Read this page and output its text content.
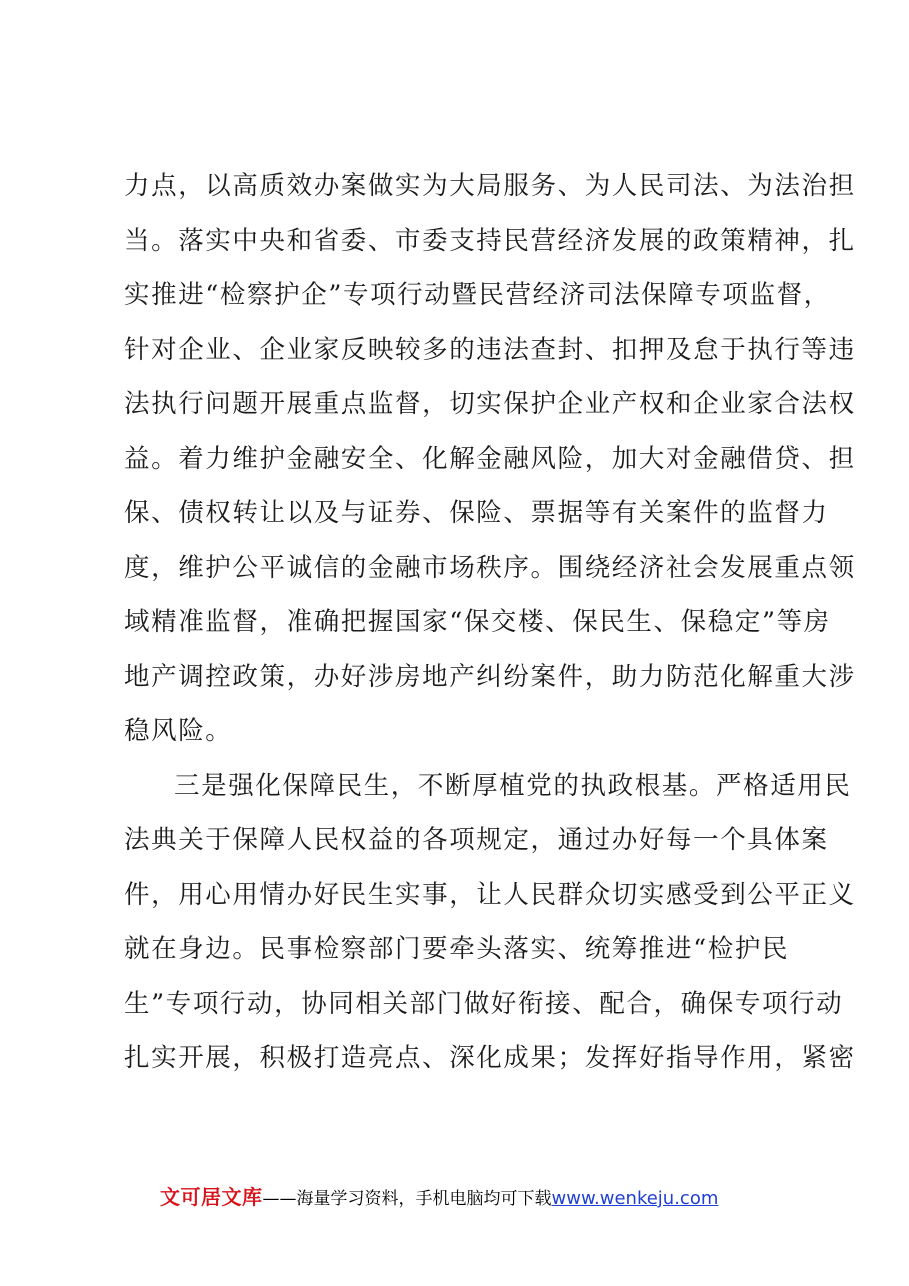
力点，以高质效办案做实为大局服务、为人民司法、为法治担
当。落实中央和省委、市委支持民营经济发展的政策精神，扎
实推进“检察护企”专项行动暨民营经济司法保障专项监督，
针对企业、企业家反映较多的违法查封、扣押及怠于执行等违
法执行问题开展重点监督，切实保护企业产权和企业家合法权
益。着力维护金融安全、化解金融风险，加大对金融借贷、担
保、债权转让以及与证券、保险、票据等有关案件的监督力
度，维护公平诚信的金融市场秩序。围绕经济社会发展重点领
域精准监督，准确把握国家“保交楼、保民生、保稳定”等房
地产调控政策，办好涉房地产纠纷案件，助力防范化解重大涉
稳风险。
三是强化保障民生，不断厚植党的执政根基。严格适用民
法典关于保障人民权益的各项规定，通过办好每一个具体案
件，用心用情办好民生实事，让人民群众切实感受到公平正义
就在身边。民事检察部门要牵头落实、统筹推进“检护民
生”专项行动，协同相关部门做好衔接、配合，确保专项行动
扎实开展，积极打造亮点、深化成果；发挥好指导作用，紧密
文可居文库——海量学习资料，手机电脑均可下载www.wenkeju.com
